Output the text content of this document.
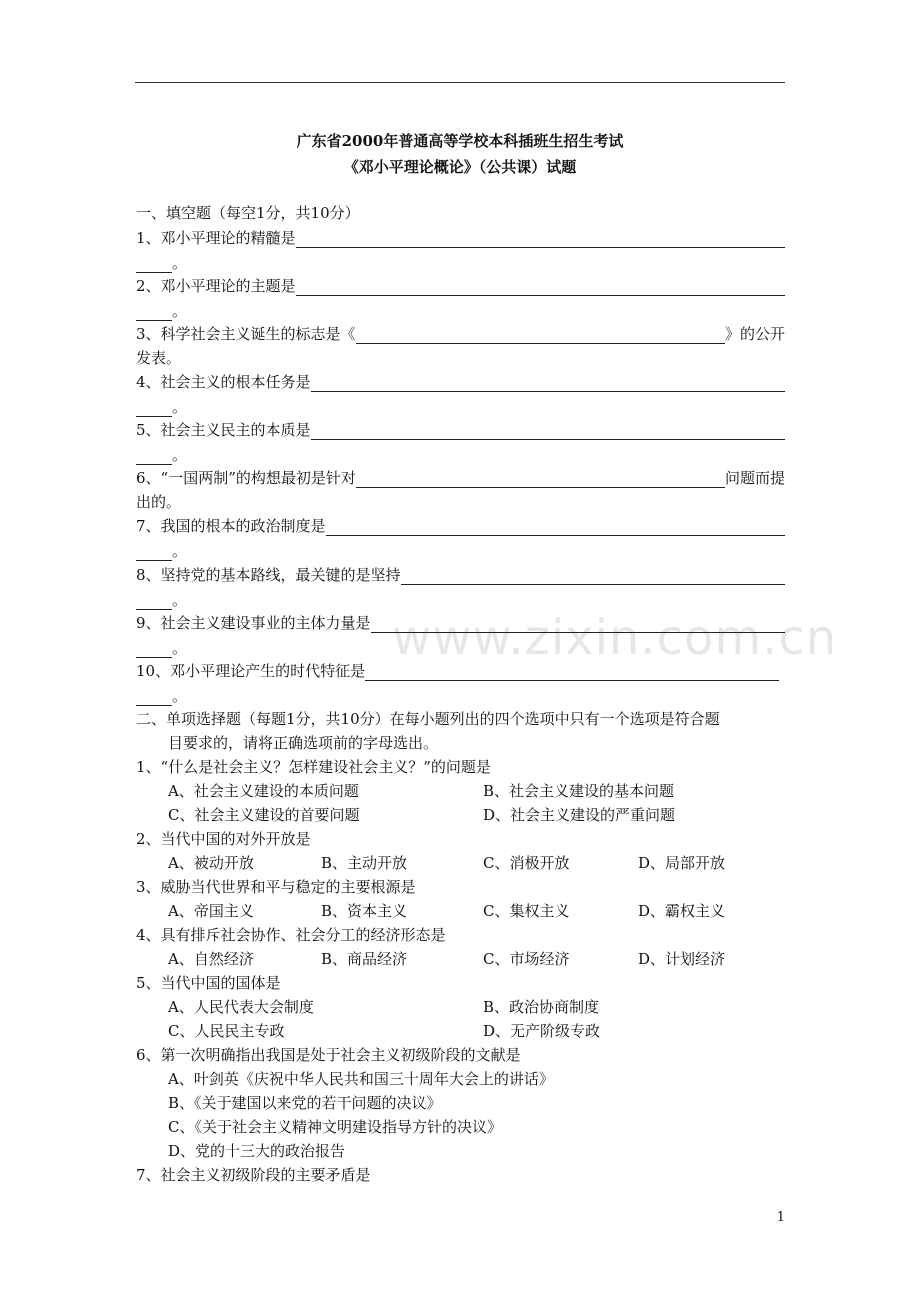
广东省2000年普通高等学校本科插班生招生考试
《邓小平理论概论》（公共课）试题
www.zixin.com.cn
一、填空题（每空1分，共10分）
1、邓小平理论的精髓是
。
2、邓小平理论的主题是
。
3、科学社会主义诞生的标志是《	》的公开
发表。
4、社会主义的根本任务是
。
5、社会主义民主的本质是
。
6、“一国两制”的构想最初是针对	问题而提
出的。
7、我国的根本的政治制度是
。
8、坚持党的基本路线，最关键的是坚持
。
9、社会主义建设事业的主体力量是
。
10、邓小平理论产生的时代特征是
。
二、单项选择题（每题1分，共10分）在每小题列出的四个选项中只有一个选项是符合题
目要求的，请将正确选项前的字母选出。
1、“什么是社会主义？怎样建设社会主义？”的问题是
A、社会主义建设的本质问题	B、社会主义建设的基本问题
C、社会主义建设的首要问题	D、社会主义建设的严重问题
2、当代中国的对外开放是
A、被动开放	B、主动开放	C、消极开放	D、局部开放
3、威胁当代世界和平与稳定的主要根源是
A、帝国主义	B、资本主义	C、集权主义	D、霸权主义
4、具有排斥社会协作、社会分工的经济形态是
A、自然经济	B、商品经济	C、市场经济	D、计划经济
5、当代中国的国体是
A、人民代表大会制度	B、政治协商制度
C、人民民主专政	D、无产阶级专政
6、第一次明确指出我国是处于社会主义初级阶段的文献是
A、叶剑英《庆祝中华人民共和国三十周年大会上的讲话》
B、《关于建国以来党的若干问题的决议》
C、《关于社会主义精神文明建设指导方针的决议》
D、党的十三大的政治报告
7、社会主义初级阶段的主要矛盾是
1
